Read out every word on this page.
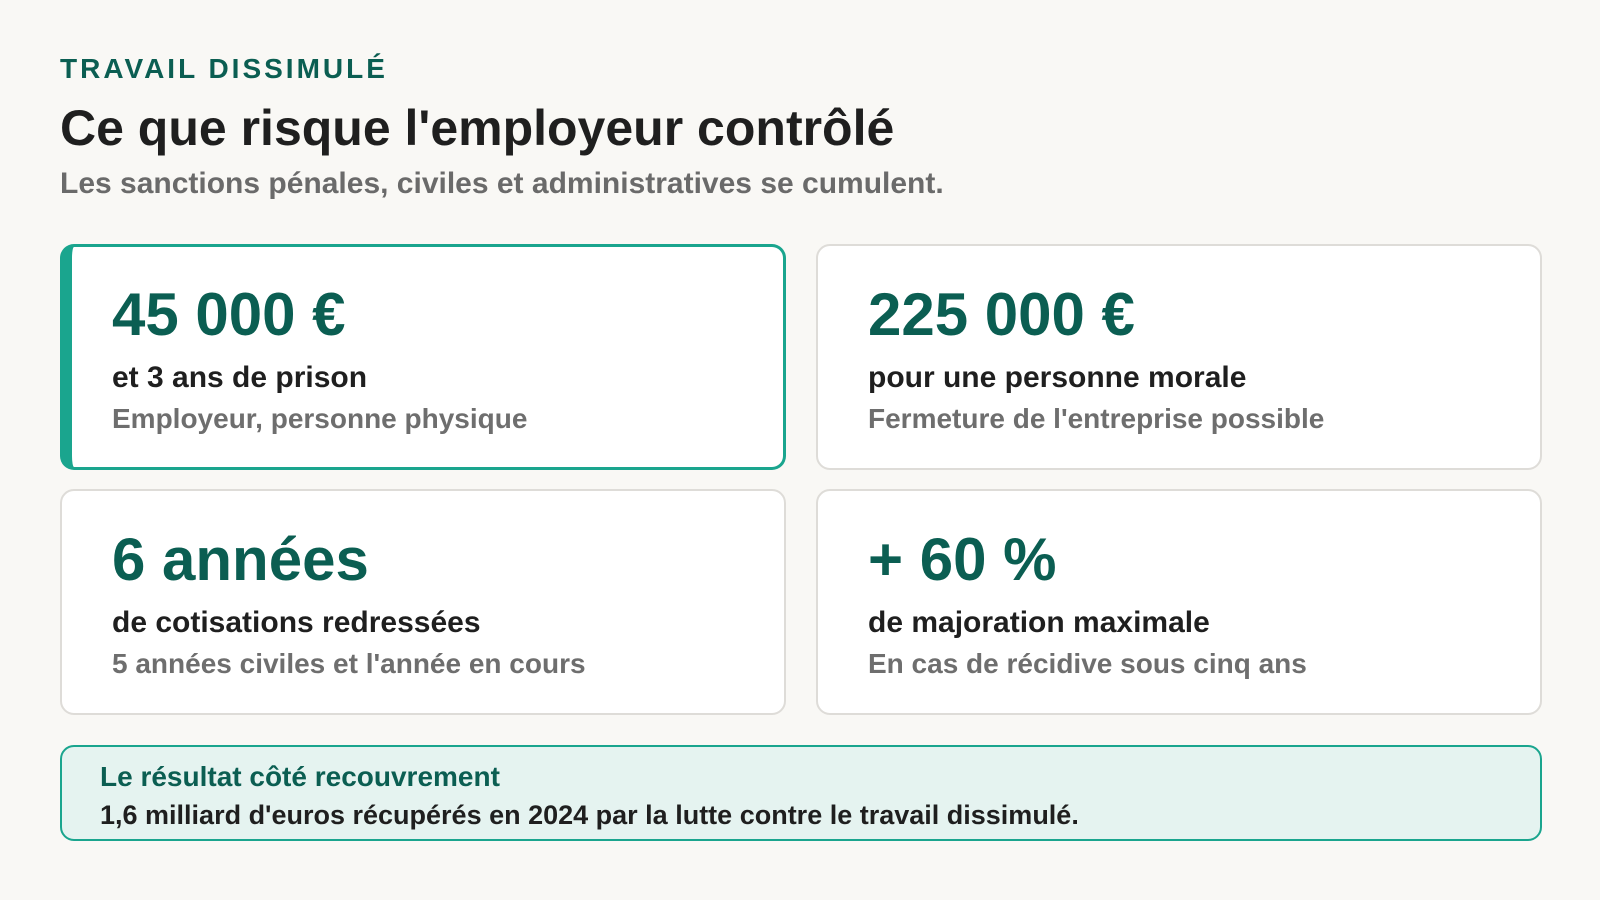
TRAVAIL DISSIMULÉ
Ce que risque l'employeur contrôlé
Les sanctions pénales, civiles et administratives se cumulent.
45 000 €
et 3 ans de prison
Employeur, personne physique
225 000 €
pour une personne morale
Fermeture de l'entreprise possible
6 années
de cotisations redressées
5 années civiles et l'année en cours
+ 60 %
de majoration maximale
En cas de récidive sous cinq ans
Le résultat côté recouvrement
1,6 milliard d'euros récupérés en 2024 par la lutte contre le travail dissimulé.
